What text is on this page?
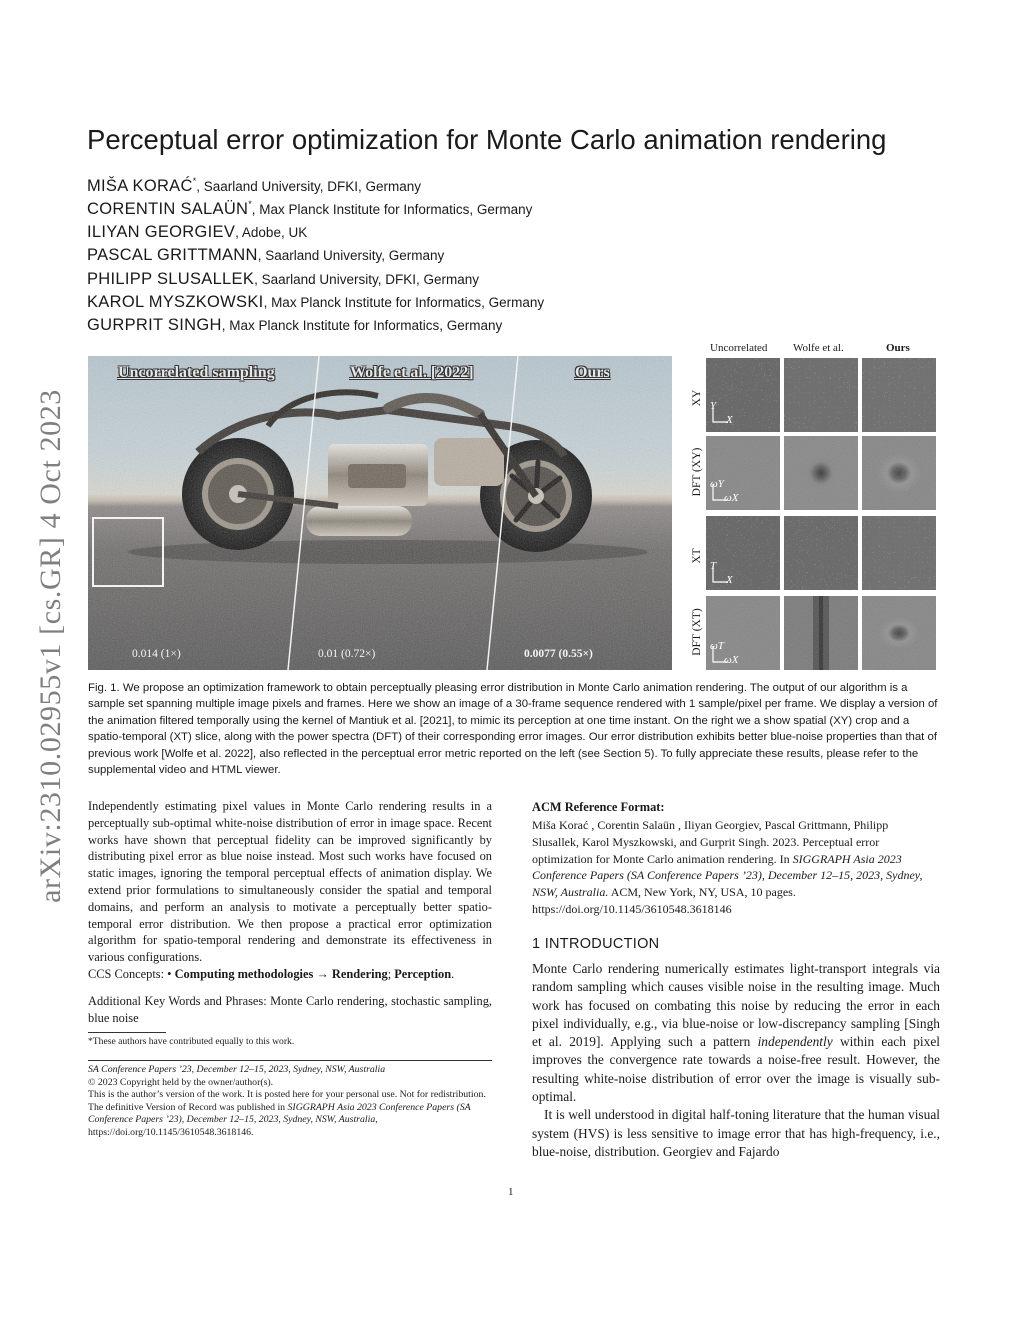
arXiv:2310.02955v1 [cs.GR] 4 Oct 2023
Perceptual error optimization for Monte Carlo animation rendering
MIŠA KORAĆ*, Saarland University, DFKI, Germany
CORENTIN SALAÜN*, Max Planck Institute for Informatics, Germany
ILIYAN GEORGIEV, Adobe, UK
PASCAL GRITTMANN, Saarland University, Germany
PHILIPP SLUSALLEK, Saarland University, DFKI, Germany
KAROL MYSZKOWSKI, Max Planck Institute for Informatics, Germany
GURPRIT SINGH, Max Planck Institute for Informatics, Germany
Uncorrelated sampling	Wolfe et al. [2022]	Ours
0.014 (1×)	0.01 (0.72×)	0.0077 (0.55×)
Uncorrelated Wolfe et al.	Ours
XY
DFT (XY)
XT
DFT (XT)
Y
X
ωY
ωX
T
X
ωT
ωX
Fig. 1. We propose an optimization framework to obtain perceptually pleasing error distribution in Monte Carlo animation rendering. The output of our algorithm is a sample set spanning multiple image pixels and frames. Here we show an image of a 30-frame sequence rendered with 1 sample/pixel per frame. We display a version of the animation filtered temporally using the kernel of Mantiuk et al. [2021], to mimic its perception at one time instant. On the right we a show spatial (XY) crop and a spatio-temporal (XT) slice, along with the power spectra (DFT) of their corresponding error images. Our error distribution exhibits better blue-noise properties than that of previous work [Wolfe et al. 2022], also reflected in the perceptual error metric reported on the left (see Section 5). To fully appreciate these results, please refer to the supplemental video and HTML viewer.
Independently estimating pixel values in Monte Carlo rendering results in a perceptually sub-optimal white-noise distribution of error in image space. Recent works have shown that perceptual fidelity can be improved significantly by distributing pixel error as blue noise instead. Most such works have focused on static images, ignoring the temporal perceptual effects of animation display. We extend prior formulations to simultaneously consider the spatial and temporal domains, and perform an analysis to motivate a perceptually better spatio-temporal error distribution. We then propose a practical error optimization algorithm for spatio-temporal rendering and demonstrate its effectiveness in various configurations.
CCS Concepts: • Computing methodologies → Rendering; Perception.
Additional Key Words and Phrases: Monte Carlo rendering, stochastic sampling, blue noise
*These authors have contributed equally to this work.
SA Conference Papers ’23, December 12–15, 2023, Sydney, NSW, Australia
© 2023 Copyright held by the owner/author(s).
This is the author’s version of the work. It is posted here for your personal use. Not for redistribution. The definitive Version of Record was published in SIGGRAPH Asia 2023 Conference Papers (SA Conference Papers ’23), December 12–15, 2023, Sydney, NSW, Australia, https://doi.org/10.1145/3610548.3618146.
ACM Reference Format:
Miša Korać , Corentin Salaün , Iliyan Georgiev, Pascal Grittmann, Philipp Slusallek, Karol Myszkowski, and Gurprit Singh. 2023. Perceptual error optimization for Monte Carlo animation rendering. In SIGGRAPH Asia 2023 Conference Papers (SA Conference Papers ’23), December 12–15, 2023, Sydney, NSW, Australia. ACM, New York, NY, USA, 10 pages. https://doi.org/10.1145/3610548.3618146
1 INTRODUCTION

Monte Carlo rendering numerically estimates light-transport integrals via random sampling which causes visible noise in the resulting image. Much work has focused on combating this noise by reducing the error in each pixel individually, e.g., via blue-noise or low-discrepancy sampling [Singh et al. 2019]. Applying such a pattern independently within each pixel improves the convergence rate towards a noise-free result. However, the resulting white-noise distribution of error over the image is visually sub-optimal.

It is well understood in digital half-toning literature that the human visual system (HVS) is less sensitive to image error that has high-frequency, i.e., blue-noise, distribution. Georgiev and Fajardo

1
